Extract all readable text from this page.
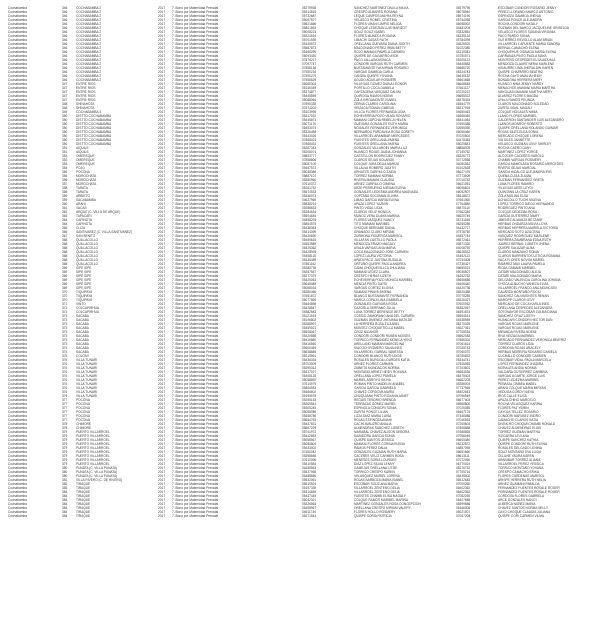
Cochabamba	346	COCHABAMBA 2	2017	7. Bono por Maternidad Prenatal	05279936	SANCHEZ MARTINEZ DALILA MILKA	04579796	ESCOBAR CONDORI ROSARIO JENNY
Cochabamba	346	COCHABAMBA 2	2017	7. Bono por Maternidad Prenatal	05314815	CRESPO ALBARES ROSANA	06078940	PEREZ LLORANDI MARCO ANTONIO
Cochabamba	346	COCHABAMBA 2	2017	7. Bono por Maternidad Prenatal	05732687	LEQUE CAMPOS MAYRA REYNA	08574190	ESPINOZA GAMBOA JHENIA
Cochabamba	346	COCHABAMBA 2	2017	7. Bono por Maternidad Prenatal	05057627	VELASCO ROMEL CRISTINA	05754058	GARCIA PONCE ALEJANDRA
Cochabamba	346	COCHABAMBA 2	2017	7. Bono por Maternidad Prenatal	05621666	FLORES URANI LIMPIO NELIDA	06058002	ROCHA CONDORI NATALY
Cochabamba	346	COCHABAMBA 2	2017	7. Bono por Maternidad Prenatal	05801663	CHOQUE LEDEZMA LUIS MARIZOT	04481204	GUZMAN DEL BARCO JACQUELINE GRISELDA
Cochabamba	346	COCHABAMBA 2	2017	7. Bono por Maternidad Prenatal	05008223	SOLIZ SOLIZ ISABEL	03332852	VELASCO FLORES SUSANA VIRGINIA
Cochabamba	346	COCHABAMBA 2	2017	7. Bono por Maternidad Prenatal	05424534	FLORES MUNECA ROSANA	06335134	PACO PARDO SONIA
Cochabamba	346	COCHABAMBA 2	2017	7. Bono por Maternidad Prenatal	05701939	LIMACHI CASAS RUTH	05784099	GUTIERREZ REVOLLO ALAM BRIAN
Cochabamba	346	COCHABAMBA 2	2017	7. Bono por Maternidad Prenatal	05445572	ORELLANA GUEVARA DIANA JUDITH	04526920	VILLARROEL LAFUENTE MARIA SANDRA
Cochabamba	346	COCHABAMBA 2	2017	7. Bono por Maternidad Prenatal	05587873	MALDONADO PEREZ IRMA BETTY	01022380	BERNAL CAMACHO ELENA
Cochabamba	346	COCHABAMBA 2	2017	7. Bono por Maternidad Prenatal	05468299	ROJO MAMANI PAMELA CARMEN	04219081	CHOQUEHUE OSINAGA MARIA ELENA
Cochabamba	346	COCHABAMBA 2	2017	7. Bono por Maternidad Prenatal	05093430	QUISPE DE GALVARRO AYDE	03750071	CARRANZA PINTO PAOLA MAYA
Cochabamba	346	COCHABAMBA 2	2017	7. Bono por Maternidad Prenatal	07874217	PACO JALLASA MONICA	05205113	MONTERO CESPEDES ELSA AIDUILIA
Cochabamba	346	COCHABAMBA 2	2017	7. Bono por Maternidad Prenatal	07097747	CONDORI VARGAS RUTH CARMEN	06448683	MENDOZA CLAURE NERIA MARLENE
Cochabamba	346	COCHABAMBA 2	2017	7. Bono por Maternidad Prenatal	07858136	BUSTAMANTE IVA MIRIAN ROSARIO	05688720	VIDAURRE LIMA JHERALDIN KAREN
Cochabamba	346	COCHABAMBA 2	2017	7. Bono por Maternidad Prenatal	07550216	VARGAS GAMBOA CARLA	06324743	QUISPE CHAPARRO BEATRIZ
Cochabamba	346	COCHABAMBA 2	2017	7. Bono por Maternidad Prenatal	07590279	CANDIA QUISPE YOVANA	04630132	ROCHA GAYO AMALIA HEIDY
Cochabamba	346	COCHABAMBA 2	2017	7. Bono por Maternidad Prenatal	07556629	AGUDO AGUILAR ROSMERI	05661668	BONADONA HERRERA MERY
Cochabamba	347	ENTRE RIOS	2017	7. Bono por Maternidad Prenatal	05080302	VILLEGAS GOMEZ DIANA LEONOR	06668645	HUANCO NINA JENNY NARDY
Cochabamba	347	ENTRE RIOS	2017	7. Bono por Maternidad Prenatal	05130049	PORTILLO COCA DANIELA	07661127	MENACHOS MAMANI MARIA MARTHA
Cochabamba	347	ENTRE RIOS	2017	7. Bono por Maternidad Prenatal	05374877	CARTAGENA VASQUEZ DALMA	03720212	MAYGUASI MAMANI MARTHA MERY
Cochabamba	347	ENTRE RIOS	2017	7. Bono por Maternidad Prenatal	05445559	QUIROGA RAMOS NOEMI	06655022	ALVAREZ FLORES MAGDA
Cochabamba	347	ENTRE RIOS	2017	7. Bono por Maternidad Prenatal	05088064	ZOLA VIRGAMONTE ISABEL	08478434	AYALA RAMOS FELINDA
Cochabamba	348	SHINAHOTA	2017	7. Bono por Maternidad Prenatal	07890335	ZERNA CLARES CAROLINA	06354779	CLAROS MALDONADO SOLEDAD
Cochabamba	348	SHINAHOTA	2017	7. Bono por Maternidad Prenatal	07874202	VEIZAGA ROMAN GIMENA	08217018	ZURITA VIDAL MAGALI
Cochabamba	349	COCHABAMBA 3	2017	7. Bono por Maternidad Prenatal	05103995	VILLCA FLORES FERNANDA LIDIA	04650463	COLQUE NOGALES NIMIA
Cochabamba	350	DISTTO COCHABAMBA	2017	7. Bono por Maternidad Prenatal	05317022	ECHEVERRIA POZO VILMA ROSARIO	06668460	LLANO FLORES MARIBEL
Cochabamba	350	DISTTO COCHABAMBA	2017	7. Bono por Maternidad Prenatal	05445873	MAMANI CAPCHA REBECA HELEN	08441064	CALDERON SANTANDER LUIS ALEJANDRO
Cochabamba	350	DISTTO COCHABAMBA	2017	7. Bono por Maternidad Prenatal	05071176	GUEVARA GONZALES RUTH MARIA	07690486	LLANOS MONROY ROBERTO
Cochabamba	350	DISTTO COCHABAMBA	2017	7. Bono por Maternidad Prenatal	05453074	NOGALES FERNANDEZ VERONICA	02655050	QUISPE ORELLANA ROLANDO GUIMAR
Cochabamba	350	DISTTO COCHABAMBA	2017	7. Bono por Maternidad Prenatal	05326458	BERNARDO PARDAVILA ROSA CORETY	06056460	ROJAS SILES ELEA SONIA
Cochabamba	350	DISTTO COCHABAMBA	2017	7. Bono por Maternidad Prenatal	05343026	VILLARROEL ARANIBAR MERCEDES	07020602	MERCADO CHOQUE LORENA
Cochabamba	350	DISTTO COCHABAMBA	2017	7. Bono por Maternidad Prenatal	07868023	FUENTES ORELLANA JIMENA	04478483	VIA SILES JANNETTE
Cochabamba	350	DISTTO COCHABAMBA	2017	7. Bono por Maternidad Prenatal	07868431	FUENTES ORELLANA JIMENA	05025843	VELASCO GUZMAN LENY SHIRLEY
Cochabamba	351	AIQUILE	2017	7. Bono por Maternidad Prenatal	05287343	GONZALES VILLAROEL MARIA LUZ	08858005	ROCHA CAERO DANY
Cochabamba	351	AIQUILE	2017	7. Bono por Maternidad Prenatal	05208074	HUANCO ROJAS JUANA JOHANNA	07145762	MARTINEZ LOPEZ YORGE
Cochabamba	352	OMEREQUE	2017	7. Bono por Maternidad Prenatal	05853777	CASTELLON RODRIGUEZ FANNY	06326773	ALCOCER CACERES HAROLD
Cochabamba	352	OMEREQUE	2017	7. Bono por Maternidad Prenatal	07858806	CLAROS SEJAS SOLANGE	03772568	CHAMBI VARGAS ROSMERY
Cochabamba	353	OMEREQUE	2017	7. Bono por Maternidad Prenatal	05087100	COLQUE JARA DELIA MARIZA	04050062	GARCIA MAMOLASA ROSARIO MERCEDES
Cochabamba	354	POJO	2017	7. Bono por Maternidad Prenatal	05487572	VILLALVA ROMERO JUDITH	04102628	RIVERO SEJAS MARCIAL
Cochabamba	355	POCONA	2017	7. Bono por Maternidad Prenatal	05038386	ARNATES CARRILLO ZAIDA	08027475	GARCIA HIDALGO ALEJANDRA IRIS
Cochabamba	356	MOROCHATA	2017	7. Bono por Maternidad Prenatal	05887107	TORREZ MAMANI NORMA	07273609	QUENA CUIZA ZULMA
Cochabamba	356	MOROCHATA	2017	7. Bono por Maternidad Prenatal	05380960	RIVERA MAMANI CLAUDIA	07015752	GUZMAN FERNANDEZ GRETA
Cochabamba	357	MOROCHATA	2017	7. Bono por Maternidad Prenatal	07610372	ARNEZ CARRILLO GIMENA	06621051	LUNA FLORES RAMIRO
Cochabamba	358	TARATA	2017	7. Bono por Maternidad Prenatal	05261752	ARZE PERRUFINO MIRIAM ELENA	06006601	VILLEGAS ARZE LEYDI
Cochabamba	358	TARATA	2017	7. Bono por Maternidad Prenatal	05574533	GONZALES LEDESMA ANDREA MAGNADA	06052907	QUINTANILLA CRUZ KAREN
Cochabamba	359	ARBIETO	2017	7. Bono por Maternidad Prenatal	05458073	COPTANA SOCOMAN ELVIRA	08418672	ZOLA MOLINA ELSA
Cochabamba	359	SACABAMBA	2017	7. Bono por Maternidad Prenatal	04627960	LIMAG GARCIA MARIA ELENA	07661060	ACHACOLLO TUCHI MILENA
Cochabamba	360	ARANI	2017	7. Bono por Maternidad Prenatal	05838214	APAZA LOPEZ YAZMIN	07764680	LOPEZ TORRICO DIEGO HERNANDO
Cochabamba	361	VACAS	2017	7. Bono por Maternidad Prenatal	05288633	PINTO VIDAL LIDIA	05870110	RODRIGUEZ PINTO ANA
Cochabamba	362	ARQUE (C. VILLA DE ARQUE)	2017	7. Bono por Maternidad Prenatal	05284634	CLAROS VELIZ MONICA	07662346	COLQUE LEDEZMA ROSA
Cochabamba	363	TAPACARI	2017	7. Bono por Maternidad Prenatal	05504646	MUNOZ VERA DUAYA MARINA	06620749	GARCIA GUTIERREZ MARY
Cochabamba	364	CAPINOTA	2017	7. Bono por Maternidad Prenatal	04858293	FLORES VASQUEZ NANCY	05731168	JIMENEZ ALMANZA BETZABE
Cochabamba	364	CAPINOTA	2017	7. Bono por Maternidad Prenatal	05854575	TITO MAMANI MARIBEL	06255286	HERBAS ONDARZA MILVIA LOYA
Cochabamba	365	CLIZA	2017	7. Bono por Maternidad Prenatal	05438353	CHOQUE BERNABE DIANA	04432717	HERBAS HERRERA MARIELA VICTORIA
Cochabamba	366	SANTIVAÑEZ (C. VILLA SANTIVAÑEZ)	2017	7. Bono por Maternidad Prenatal	05414399	GRANADO CLARO MIRIAM	07576750	MERCADO SOTO AZUCENA
Cochabamba	367	SAN BENITO	2017	7. Bono por Maternidad Prenatal	05426630	ZURMONA FIGUEROA MARISOL	06457744	VASQUEZ RODRIGUEZ MARLENE
Cochabamba	368	QUILLACOLLO	2017	7. Bono por Maternidad Prenatal	05459618	VILLAFAN CASTILLO PAOLA	06572461	HERRERA ZAMBRANA EDNA RUTH
Cochabamba	368	QUILLACOLLO	2017	7. Bono por Maternidad Prenatal	04553989	MENDOZA ERAZO MAGALY	06871320	JUAREZ BERNAL LIZBETH JHENA
Cochabamba	368	QUILLACOLLO	2017	7. Bono por Maternidad Prenatal	05425362	AYALA VARGAS ANA MARIA	04008750	QUISPE SALAZAR ALBA
Cochabamba	368	QUILLACOLLO	2017	7. Bono por Maternidad Prenatal	05428925	COCA MALDONADO JOSE CARMEN	05628032	CLAROS MANZANO SONIA
Cochabamba	368	QUILLACOLLO	2017	7. Bono por Maternidad Prenatal	05458115	LOPEZ LAURA VICTORIA	04452113	CLAROS BARRIENTOS LETICIA ROMANA
Cochabamba	368	QUILLACOLLO	2017	7. Bono por Maternidad Prenatal	05436489	APATA PACO JUSTINA RUSALIA	07034408	VACA FLORES NOVOA MARIEL
Cochabamba	368	QUILLACOLLO	2017	7. Bono por Maternidad Prenatal	07861162	ORTUÑO QUISPE PAOLA ANDREA	07236427	RAMIREZ MAX LAURA PAMELA
Cochabamba	369	SIPE SIPE	2017	7. Bono por Maternidad Prenatal	05385735	CAMA CHOQUEVILLCA JHULIANA	06655021	RIOJA GAMAMI MARIBEL
Cochabamba	369	SIPE SIPE	2017	7. Bono por Maternidad Prenatal	05287557	MAMANI LEDEZ CLARA	05036607	CATARI MALDONADO ALEJA
Cochabamba	369	SIPE SIPE	2017	7. Bono por Maternidad Prenatal	05277379	CRESPO HERAS LIZETH	06252762	CATARI MALDONADO MARIA
Cochabamba	369	SIPE SIPE	2017	7. Bono por Maternidad Prenatal	05425063	ECHEVERRIA POZO MONICA MARIBEL	05656686	DELGADO VALENCIA CAROLINA JOHANA
Cochabamba	369	SIPE SIPE	2017	7. Bono por Maternidad Prenatal	05648489	MENCIA PINTO DAYSI	05408440	CHOCA ALBUCHO VANEZA ELVIA
Cochabamba	369	SIPE SIPE	2017	7. Bono por Maternidad Prenatal	05058034	VARGAS CORTEZ ELOISA	04420736	VILLARROEL FRANCO ANA ASUNCION
Cochabamba	370	TIQUIPAYA	2017	7. Bono por Maternidad Prenatal	05380466	MAMANI PINAYA JIMENA	06520458	GALARZA MONTAÑO ROCIO
Cochabamba	370	TIQUIPAYA	2017	7. Bono por Maternidad Prenatal	07681872	BLANCO BUSTAMANTE FERNANDA	07075285	SANCHEZ CALVIMONTES RENAN
Cochabamba	370	TIQUIPAYA	2017	7. Bono por Maternidad Prenatal	05077869	MARCA COPAJI LINA GABRIELA	06326427	MAROPP CLAROS LEVY
Cochabamba	371	VINTO	2017	7. Bono por Maternidad Prenatal	05464898	GONZALES GUEVARA ROSA	07600052	MERCADO DE COCA KARLA INES
Cochabamba	372	COLCAPIRHUA	2017	7. Bono por Maternidad Prenatal	05428847	CAZORLA SERRANO JULIA	06352067	ORELLANA CESPEDES ALEJANDRA
Cochabamba	372	COLCAPIRHUA	2017	7. Bono por Maternidad Prenatal	04582683	LUNA TORREZ BERENICE BETTY	06491874	SOTOMAYOR ESCOBAR ZULMA DIANA
Cochabamba	373	SACABA	2017	7. Bono por Maternidad Prenatal	05121515	COSSIO ZAMORANO ANA DEL CARMEN	06554514	SANCHEZ CRUZ LIZETH
Cochabamba	373	SACABA	2017	7. Bono por Maternidad Prenatal	05146802	GUZMAN JIMENEZ JHOVANA MATILDE	04538989	HUANCARI CONDORI HECTOR DAN
Cochabamba	373	SACABA	2017	7. Bono por Maternidad Prenatal	05288997	LA HERRERA ROSA ELIZABEL	06270025	VARGAS ROJAS MARLENE
Cochabamba	373	SACABA	2017	7. Bono por Maternidad Prenatal	05459021	MONTEZ CHOQUETICLLA MABEL	04627461	VARGAS ROJAS MARLENE
Cochabamba	373	SACABA	2017	7. Bono por Maternidad Prenatal	05508067	CRUZ NICANOR	07708034	MIRANDA RIVERA NOEMI
Cochabamba	373	SACABA	2017	7. Bono por Maternidad Prenatal	05420858	CONDORI CONDORI RUBEN MOISES	06562048	RIVA VEIZAGA MARIBEL
Cochabamba	373	SACABA	2017	7. Bono por Maternidad Prenatal	05416880	TORRICO FERNANDEZ MONICA YEKO	07686302	MERCADO FERNANDEZ VERONICA BEATRIZ
Cochabamba	373	SACABA	2017	7. Bono por Maternidad Prenatal	05416550	ARELLANO MAMANI MARCELINA	07061614	TORREZ CLAROS LIDIA
Cochabamba	374	SACABA	2017	7. Bono por Maternidad Prenatal	05600469	SIACOCH ROMERO SAVIA INES	07028743	CORDOVA ROJAS ARACELY
Cochabamba	374	SACABA	2017	7. Bono por Maternidad Prenatal	05638885	VILLARROEL GARBAL VANESSA	07060370	HERBAS MOREIRA ROSARIO DANIELA
Cochabamba	375	COLOMI	2017	7. Bono por Maternidad Prenatal	05219861	CONDORI BLANCO RUTH AYDE	06789832	CUCHALLO CONDORI CARMEN
Cochabamba	376	VILLA TUNARI	2017	7. Bono por Maternidad Prenatal	05436334	ROSALES BURGOA LOURDES KATIA	05334741	ESCOBAR VIDAL PAOLA MARCELA
Cochabamba	376	VILLA TUNARI	2017	7. Bono por Maternidad Prenatal	05703009	ARNEZ FLORES CARMEN	07506065	LOPEZ FERNANDEZ JHADIRA
Cochabamba	376	VILLA TUNARI	2017	7. Bono por Maternidad Prenatal	05295312	ZUBIETA MONDACON NORMA	07203601	MORALES ANDIA NORMA
Cochabamba	376	VILLA TUNARI	2017	7. Bono por Maternidad Prenatal	05417027	MONTAÑO ARNEZ HEIDY ROXANA	06683036	SALDAÑA GUTIERREZ CARMINA
Cochabamba	376	VILLA TUNARI	2017	7. Bono por Maternidad Prenatal	05408125	ORELLANA LOPEZ PAMELA	06475403	VARGAS UGARTE JORGE LUIS
Cochabamba	376	VILLA TUNARI	2017	7. Bono por Maternidad Prenatal	05058892	MARIEL ARROYO SILVIA	06662205	PEREZ LEDEZMA MARIBEL
Cochabamba	376	VILLA TUNARI	2017	7. Bono por Maternidad Prenatal	07614979	ROMAN PINTO MADELIN ANABEL	05286004	PEÑASAL OMBEA MABEL
Cochabamba	376	VILLA TUNARI	2017	7. Bono por Maternidad Prenatal	05806553	GARCIA GARCIA GABRIELA	07737969	ARANI COLQUE MARIA MIRYAN
Cochabamba	376	VILLA TUNARI	2017	7. Bono por Maternidad Prenatal	05486602	CHAVEZ CORDOVA MARIA	08402643	VEDUGA CORDY NIEVA
Cochabamba	376	VILLA TUNARI	2017	7. Bono por Maternidad Prenatal	05199578	CHUQUIANA PINTO ROXANA JANET	07096549	RIOS CALLE ELISA
Cochabamba	377	POCONA	2017	7. Bono por Maternidad Prenatal	05256153	REGUEI TENORIO BRENDA	06677403	APAZA CHINO MARCELO
Cochabamba	377	POCONA	2017	7. Bono por Maternidad Prenatal	05269544	TERRAZAS GOMEZ MARIEL	06568800	ROCHA VELASQUEZ KARINA
Cochabamba	377	POCONA	2017	7. Bono por Maternidad Prenatal	05305245	ESPINOLA CONDORI SONIA	07020085	FLORES PAZ YEMIN
Cochabamba	377	POCONA	2017	7. Bono por Maternidad Prenatal	05058086	ZURITA PONCE LILIAN	06467175	CAYOJA TELLEZ ROSARIO
Cochabamba	377	POCONA	2017	7. Bono por Maternidad Prenatal	05458786	LOZA DIAZ MARIA LUISA	07448088	CONDORI NARVAEZ ISIDRO
Cochabamba	377	POCONA	2017	7. Bono por Maternidad Prenatal	05654753	ROJAS ESPINOZA ANAHI	07046063	CAMACHO CLAROS KATIA
Cochabamba	378	CHIMORE	2017	7. Bono por Maternidad Prenatal	05447531	CACHI AVAUZRO ANALIA	07205604	DIVINCHO CHOQUECHAMBI RONALD
Cochabamba	378	CHIMORE	2017	7. Bono por Maternidad Prenatal	05867229	ALMENDRAS SANCHEZ LIZBETH	07808688	CHAVEZ ALMENDRAS ELIAS
Cochabamba	379	PUERTO VILLARROEL	2017	7. Bono por Maternidad Prenatal	05741972	MARABAL CHAVEZ ALISON DEBORA	07688835	TORREZ GUZMAN MARTHA
Cochabamba	379	PUERTO VILLARROEL	2017	7. Bono por Maternidad Prenatal	05442853	SAAVEDRA GARCIA SONIA	07058046	VIZCARRA LEVI ANA
Cochabamba	379	PUERTO VILLARROEL	2017	7. Bono por Maternidad Prenatal	05058567	QUISPE SANTOS JESSICA	06605480	QUISPE SANCHEZ KATHIA
Cochabamba	379	PUERTO VILLARROEL	2017	7. Bono por Maternidad Prenatal	05056804	MAMANI FLORES CORINA ELENA	05232872	QUISPE CONDORI RUTH ELENA
Cochabamba	379	PUERTO VILLARROEL	2017	7. Bono por Maternidad Prenatal	05433002	RAMOS PEREZ DALIA	04857055	ROSALES DELGADO LENINA
Cochabamba	379	PUERTO VILLARROEL	2017	7. Bono por Maternidad Prenatal	07450042	GONZALES GUZMAN RUTH MARIA	06651660	SOLIZ MONTAÑO EVA LUCIA
Cochabamba	379	PUERTO VILLARROEL	2017	7. Bono por Maternidad Prenatal	05398656	CACERES VELIZ CARMEN ROSA	08613111	OLLUNE YAURA KAREN
Cochabamba	379	PUERTO VILLARROEL	2017	7. Bono por Maternidad Prenatal	07610096	MENESES SORIA LOURDES	07072060	ARANIBAR TORREZ ALIANA
Cochabamba	379	PUERTO VILLARROEL	2017	7. Bono por Maternidad Prenatal	05410584	DIAZ LOPEZ SILVIA LENNY	06770024	VILLARROEL PEREZ YESSICA
Cochabamba	380	PUNATA (C. VILLA PUNATA)	2017	7. Bono por Maternidad Prenatal	04458553	GAMEJAS ORELLANA LITZIE	05276732	TORRICO MONTAÑO YOVANA
Cochabamba	380	PUNATA (C. VILLA PUNATA)	2017	7. Bono por Maternidad Prenatal	05427065	TORRICO CRESPO KAREN	07705716	CRESPO CAMACHO ERIKA
Cochabamba	380	PUNATA (C. VILLA PUNATA)	2017	7. Bono por Maternidad Prenatal	05488686	VELASQUEZ MURIEL LORENA	06435602	FLORES CARDENAS MARISOL
Cochabamba	381	VILLA RIVERO (C. DE RIVERO)	2017	7. Bono por Maternidad Prenatal	05532061	ROJAS BARBOZA MARIA ISABEL	06512645	ARISPE HERRERA RUTH NELIA
Cochabamba	382	TIRAQUE	2017	7. Bono por Maternidad Prenatal	05519524	ESCOBAR SOLIZ ANA MARIA	07009260	ARNEZ GUAMANI RIMALDA
Cochabamba	383	TIRAQUE	2017	7. Bono por Maternidad Prenatal	05197335	VILLARROEL ZENTENO DELIA	06402362	FERNANDEZ FUENTES ROSALE ROGER
Cochabamba	384	TIRAQUE	2017	7. Bono por Maternidad Prenatal	05314655	VILLARROEL ZENTENO DELIA	06402362	FERNANDEZ FUENTES ROSALE ROGER
Cochabamba	384	TIRAQUE	2017	7. Bono por Maternidad Prenatal	05437445	FUENTES CHAMBI ELISA MAGALY	07082250	CORDOVA FLORES GABRIELA
Cochabamba	384	TIRAQUE	2017	7. Bono por Maternidad Prenatal	05042321	COLQUE RAMOS MARIBEL MARINA	06407688	ARCE GONZALES NANCY
Cochabamba	384	TIRAQUE	2017	7. Bono por Maternidad Prenatal	05326563	MARTINEZ GONZALES ROSA CONCEPCION	05599886	ALBERCA NUÑEZ MARIA
Cochabamba	384	TIRAQUE	2017	7. Bono por Maternidad Prenatal	05458967	ORELLANA CRESPO MIRIAM VALERY	06466006	CHAVEZ SANTOS NORMA NELLY
Cochabamba	384	TIRAQUE	2017	7. Bono por Maternidad Prenatal	04611744	FLORES HOLLO ROSMERY	05021007	CAYO CHOQUE CLAUDIA JULIANA
Cochabamba	384	TIRAQUE	2017	7. Bono por Maternidad Prenatal	05271544	QUISPE SORIA PATRICIA	07057208	QUISPE CORI CARMEN VILMA
